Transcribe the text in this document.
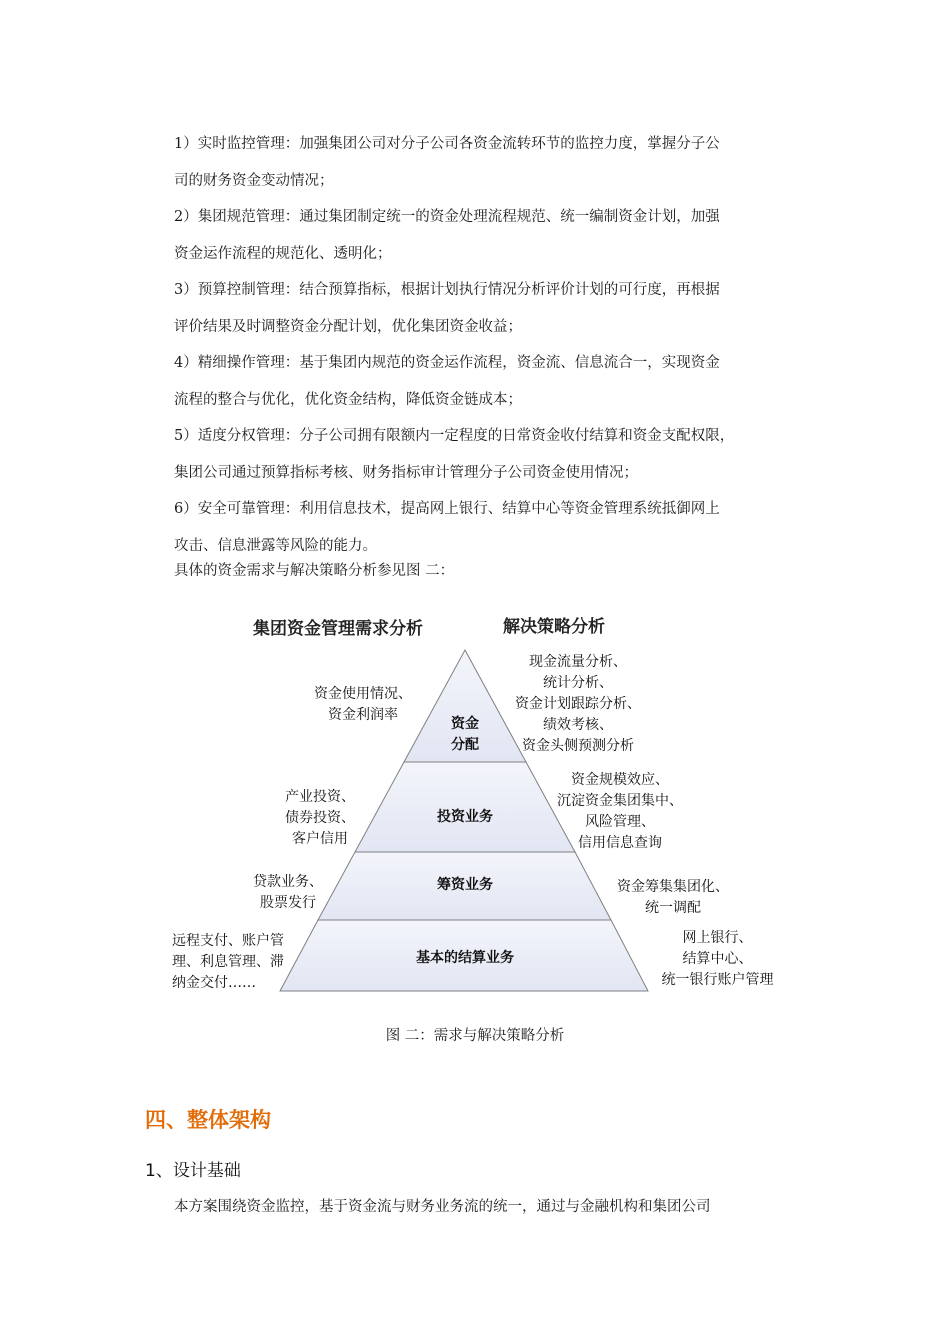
1）实时监控管理：加强集团公司对分子公司各资金流转环节的监控力度，掌握分子公
司的财务资金变动情况；
2）集团规范管理：通过集团制定统一的资金处理流程规范、统一编制资金计划，加强
资金运作流程的规范化、透明化；
3）预算控制管理：结合预算指标，根据计划执行情况分析评价计划的可行度，再根据
评价结果及时调整资金分配计划，优化集团资金收益；
4）精细操作管理：基于集团内规范的资金运作流程，资金流、信息流合一，实现资金
流程的整合与优化，优化资金结构，降低资金链成本；
5）适度分权管理：分子公司拥有限额内一定程度的日常资金收付结算和资金支配权限，
集团公司通过预算指标考核、财务指标审计管理分子公司资金使用情况；
6）安全可靠管理：利用信息技术，提高网上银行、结算中心等资金管理系统抵御网上
攻击、信息泄露等风险的能力。
具体的资金需求与解决策略分析参见图 二：
集团资金管理需求分析	解决策略分析
资金
分配
资金使用情况、
资金利润率
现金流量分析、
统计分析、
资金计划跟踪分析、
绩效考核、
资金头侧预测分析
投资业务
产业投资、
债券投资、
客户信用
资金规模效应、
沉淀资金集团集中、
风险管理、
信用信息查询
筹资业务
贷款业务、
股票发行
资金筹集集团化、
统一调配
基本的结算业务
远程支付、账户管
理、利息管理、滞
纳金交付……
网上银行、
结算中心、
统一银行账户管理
图 二：需求与解决策略分析
四、整体架构
1、设计基础
本方案围绕资金监控，基于资金流与财务业务流的统一，通过与金融机构和集团公司
